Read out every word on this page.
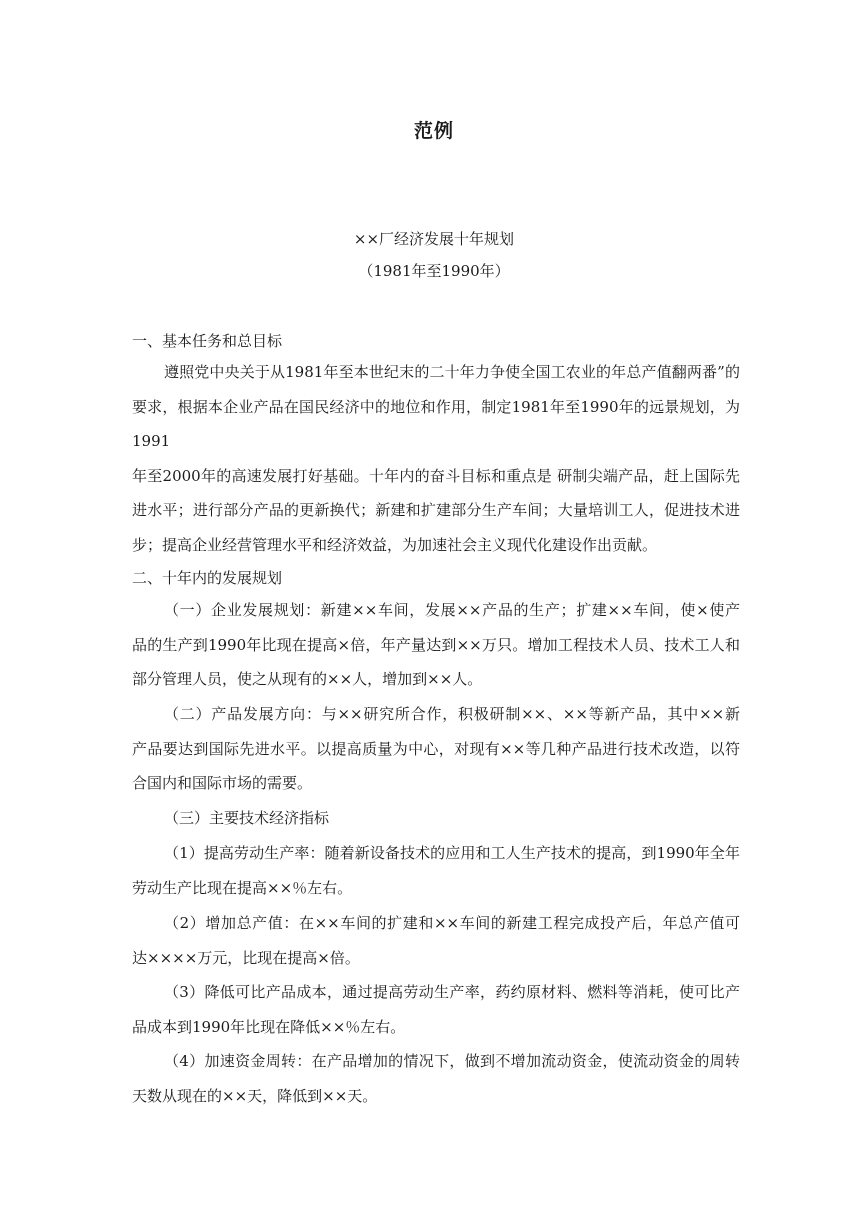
范例
××厂经济发展十年规划
（1981年至1990年）
一、基本任务和总目标
遵照党中央关于从1981年至本世纪末的二十年力争使全国工农业的年总产值翻两番”的
要求，根据本企业产品在国民经济中的地位和作用，制定1981年至1990年的远景规划，为1991
年至2000年的高速发展打好基础。十年内的奋斗目标和重点是 研制尖端产品，赶上国际先
进水平；进行部分产品的更新换代；新建和扩建部分生产车间；大量培训工人，促进技术进
步；提高企业经营管理水平和经济效益，为加速社会主义现代化建设作出贡献。
二、十年内的发展规划
（一）企业发展规划：新建××车间，发展××产品的生产；扩建××车间，使×使产
品的生产到1990年比现在提高×倍，年产量达到××万只。增加工程技术人员、技术工人和
部分管理人员，使之从现有的××人，增加到××人。
（二）产品发展方向：与××研究所合作，积极研制××、××等新产品，其中××新
产品要达到国际先进水平。以提高质量为中心，对现有××等几种产品进行技术改造，以符
合国内和国际市场的需要。
（三）主要技术经济指标
（1）提高劳动生产率：随着新设备技术的应用和工人生产技术的提高，到1990年全年
劳动生产比现在提高××％左右。
（2）增加总产值：在××车间的扩建和××车间的新建工程完成投产后，年总产值可
达××××万元，比现在提高×倍。
（3）降低可比产品成本，通过提高劳动生产率，药约原材料、燃料等消耗，使可比产
品成本到1990年比现在降低××％左右。
（4）加速资金周转：在产品增加的情况下，做到不增加流动资金，使流动资金的周转
天数从现在的××天，降低到××天。
